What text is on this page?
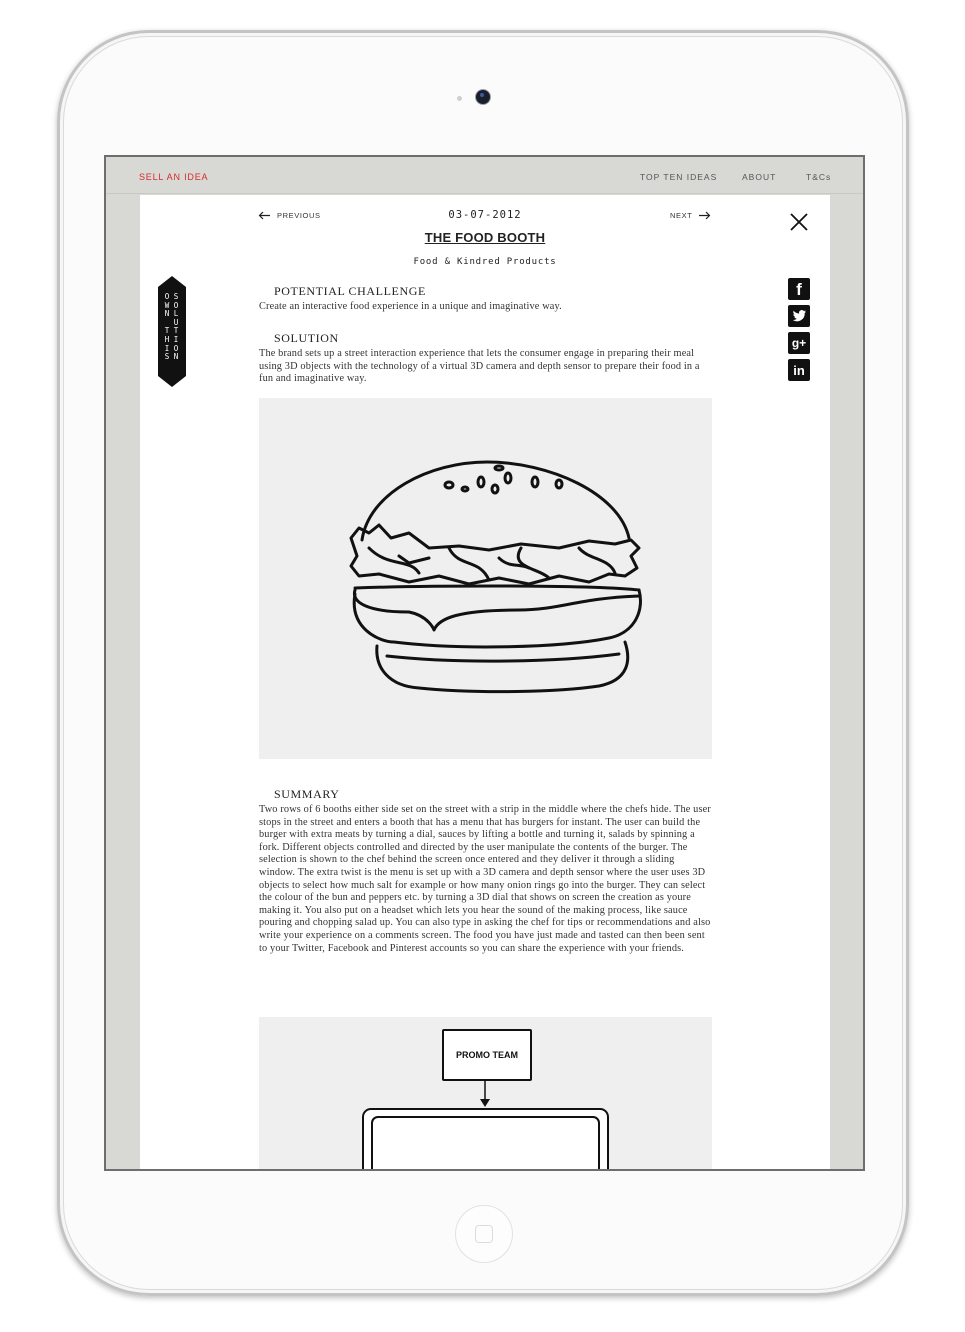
SELL AN IDEA	TOP TEN IDEAS	ABOUT	T&Cs
PREVIOUS	03-07-2012	NEXT
THE FOOD BOOTH
Food & Kindred Products
O
W
N

T
H
I
S
S
O
L
U
T
I
O
N
f
g+
in
POTENTIAL CHALLENGE

Create an interactive food experience in a unique and imaginative way.

SOLUTION

The brand sets up a street interaction experience that lets the consumer engage in preparing their meal using 3D objects with the technology of a virtual 3D camera and depth sensor to prepare their food in a fun and imaginative way.

SUMMARY

Two rows of 6 booths either side set on the street with a strip in the middle where the chefs hide. The user stops in the street and enters a booth that has a menu that has burgers for instant. The user can build the burger with extra meats by turning a dial, sauces by lifting a bottle and turning it, salads by spinning a fork. Different objects controlled and directed by the user manipulate the contents of the burger. The selection is shown to the chef behind the screen once entered and they deliver it through a sliding window. The extra twist is the menu is set up with a 3D camera and depth sensor where the user uses 3D objects to select how much salt for example or how many onion rings go into the burger. They can select the colour of the bun and peppers etc. by turning a 3D dial that shows on screen the creation as youre making it. You also put on a headset which lets you hear the sound of the making process, like sauce pouring and chopping salad up. You can also type in asking the chef for tips or recommendations and also write your experience on a comments screen. The food you have just made and tasted can then been sent to your Twitter, Facebook and Pinterest accounts so you can share the experience with your friends.

PROMO TEAM
